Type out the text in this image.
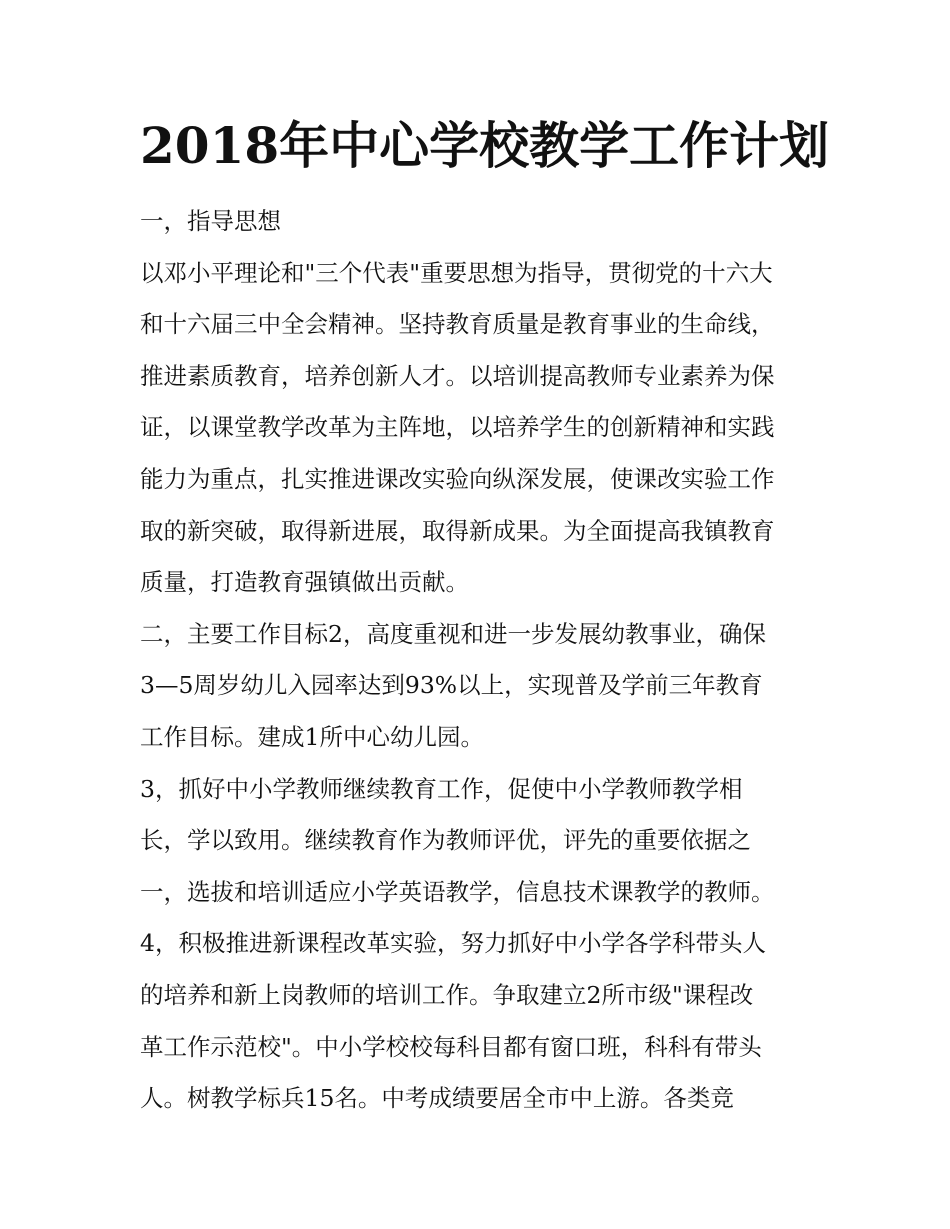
2018年中心学校教学工作计划

一，指导思想

以邓小平理论和"三个代表"重要思想为指导，贯彻党的十六大

和十六届三中全会精神。坚持教育质量是教育事业的生命线，

推进素质教育，培养创新人才。以培训提高教师专业素养为保

证，以课堂教学改革为主阵地，以培养学生的创新精神和实践

能力为重点，扎实推进课改实验向纵深发展，使课改实验工作

取的新突破，取得新进展，取得新成果。为全面提高我镇教育

质量，打造教育强镇做出贡献。

二，主要工作目标2，高度重视和进一步发展幼教事业，确保

3—5周岁幼儿入园率达到93%以上，实现普及学前三年教育

工作目标。建成1所中心幼儿园。

3，抓好中小学教师继续教育工作，促使中小学教师教学相

长，学以致用。继续教育作为教师评优，评先的重要依据之

一，选拔和培训适应小学英语教学，信息技术课教学的教师。

4，积极推进新课程改革实验，努力抓好中小学各学科带头人

的培养和新上岗教师的培训工作。争取建立2所市级"课程改

革工作示范校"。中小学校校每科目都有窗口班，科科有带头

人。树教学标兵15名。中考成绩要居全市中上游。各类竞
